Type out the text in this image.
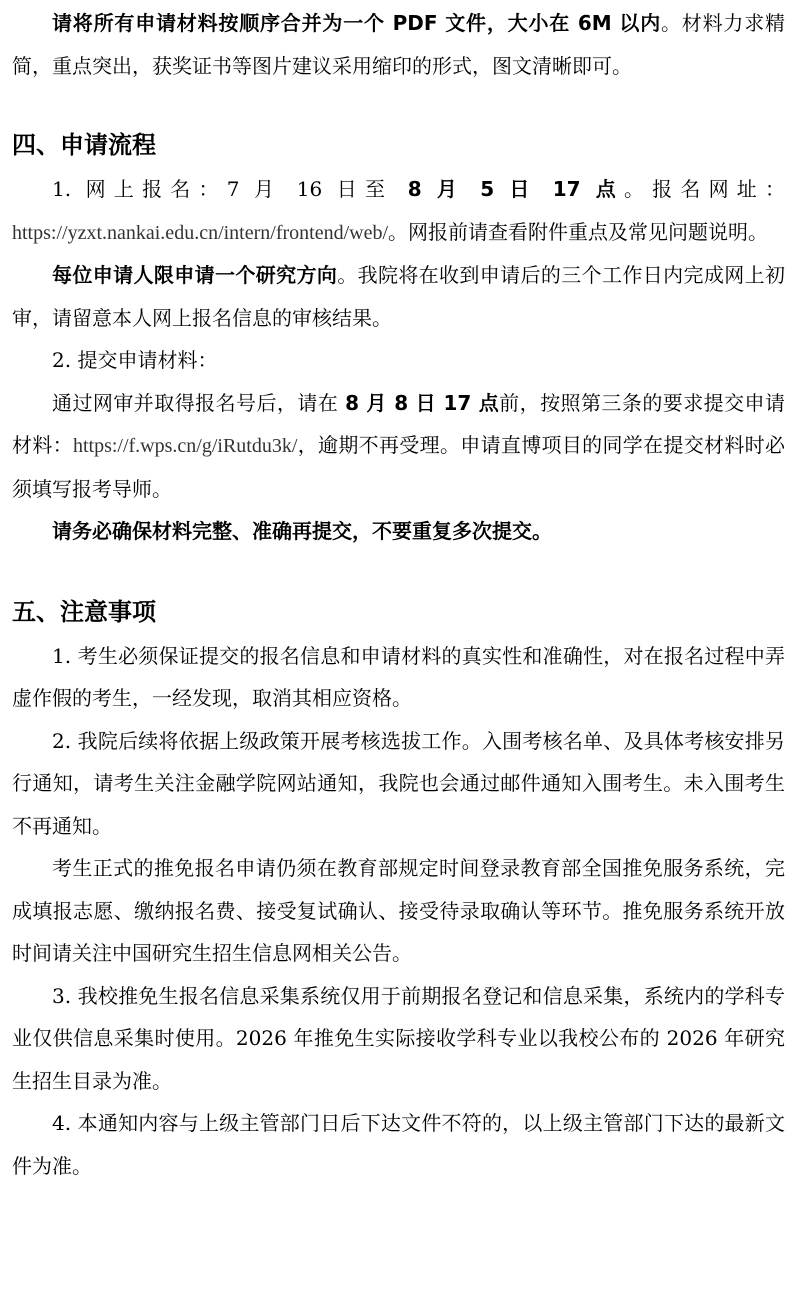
请将所有申请材料按顺序合并为一个 PDF 文件，大小在 6M 以内。材料力求精简，重点突出，获奖证书等图片建议采用缩印的形式，图文清晰即可。

四、申请流程

1. 网上报名：7 月 16 日至 8 月 5 日 17 点。报名网址：https://yzxt.nankai.edu.cn/intern/frontend/web/。网报前请查看附件重点及常见问题说明。

每位申请人限申请一个研究方向。我院将在收到申请后的三个工作日内完成网上初审，请留意本人网上报名信息的审核结果。

2. 提交申请材料：

通过网审并取得报名号后，请在 8 月 8 日 17 点前，按照第三条的要求提交申请材料：https://f.wps.cn/g/iRutdu3k/，逾期不再受理。申请直博项目的同学在提交材料时必须填写报考导师。

请务必确保材料完整、准确再提交，不要重复多次提交。

五、注意事项

1. 考生必须保证提交的报名信息和申请材料的真实性和准确性，对在报名过程中弄虚作假的考生，一经发现，取消其相应资格。

2. 我院后续将依据上级政策开展考核选拔工作。入围考核名单、及具体考核安排另行通知，请考生关注金融学院网站通知，我院也会通过邮件通知入围考生。未入围考生不再通知。

考生正式的推免报名申请仍须在教育部规定时间登录教育部全国推免服务系统，完成填报志愿、缴纳报名费、接受复试确认、接受待录取确认等环节。推免服务系统开放时间请关注中国研究生招生信息网相关公告。

3. 我校推免生报名信息采集系统仅用于前期报名登记和信息采集，系统内的学科专业仅供信息采集时使用。2026 年推免生实际接收学科专业以我校公布的 2026 年研究生招生目录为准。

4. 本通知内容与上级主管部门日后下达文件不符的，以上级主管部门下达的最新文件为准。
